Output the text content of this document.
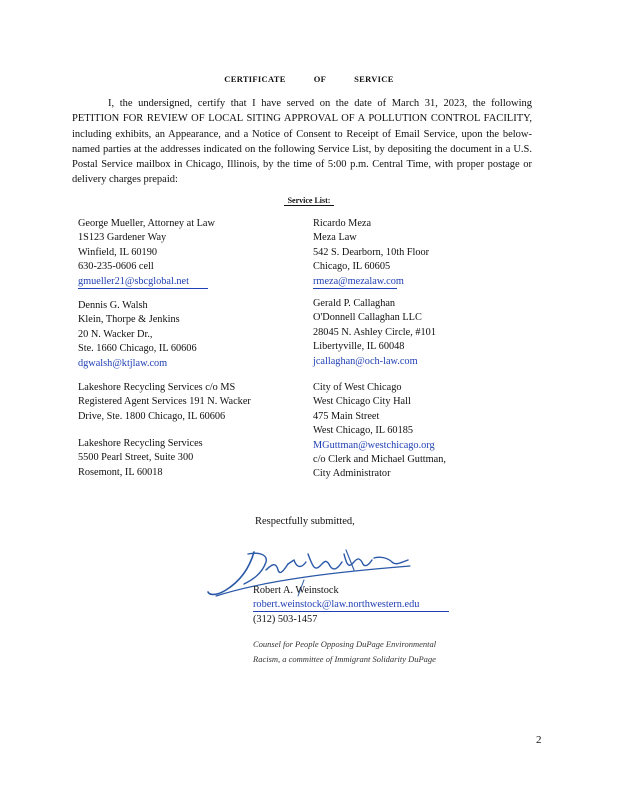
CERTIFICATE	OF	SERVICE
I, the undersigned, certify that I have served on the date of March 31, 2023, the following PETITION FOR REVIEW OF LOCAL SITING APPROVAL OF A POLLUTION CONTROL FACILITY, including exhibits, an Appearance, and a Notice of Consent to Receipt of Email Service, upon the below-named parties at the addresses indicated on the following Service List, by depositing the document in a U.S. Postal Service mailbox in Chicago, Illinois, by the time of 5:00 p.m. Central Time, with proper postage or delivery charges prepaid:
Service List:
George Mueller, Attorney at Law
1S123 Gardener Way
Winfield, IL 60190
630-235-0606 cell
gmueller21@sbcglobal.net
Dennis G. Walsh
Klein, Thorpe & Jenkins
20 N. Wacker Dr.,
Ste. 1660 Chicago, IL 60606
dgwalsh@ktjlaw.com
Lakeshore Recycling Services c/o MS
Registered Agent Services 191 N. Wacker
Drive, Ste. 1800 Chicago, IL 60606
Lakeshore Recycling Services
5500 Pearl Street, Suite 300
Rosemont, IL 60018
Ricardo Meza
Meza Law
542 S. Dearborn, 10th Floor
Chicago, IL 60605
rmeza@mezalaw.com
Gerald P. Callaghan
O'Donnell Callaghan LLC
28045 N. Ashley Circle, #101
Libertyville, IL 60048
jcallaghan@och-law.com
City of West Chicago
West Chicago City Hall
475 Main Street
West Chicago, IL 60185
MGuttman@westchicago.org
c/o Clerk and Michael Guttman,
City Administrator
Respectfully submitted,
Robert A. Weinstock
robert.weinstock@law.northwestern.edu
(312) 503-1457
Counsel for People Opposing DuPage Environmental
Racism, a committee of Immigrant Solidarity DuPage
2
